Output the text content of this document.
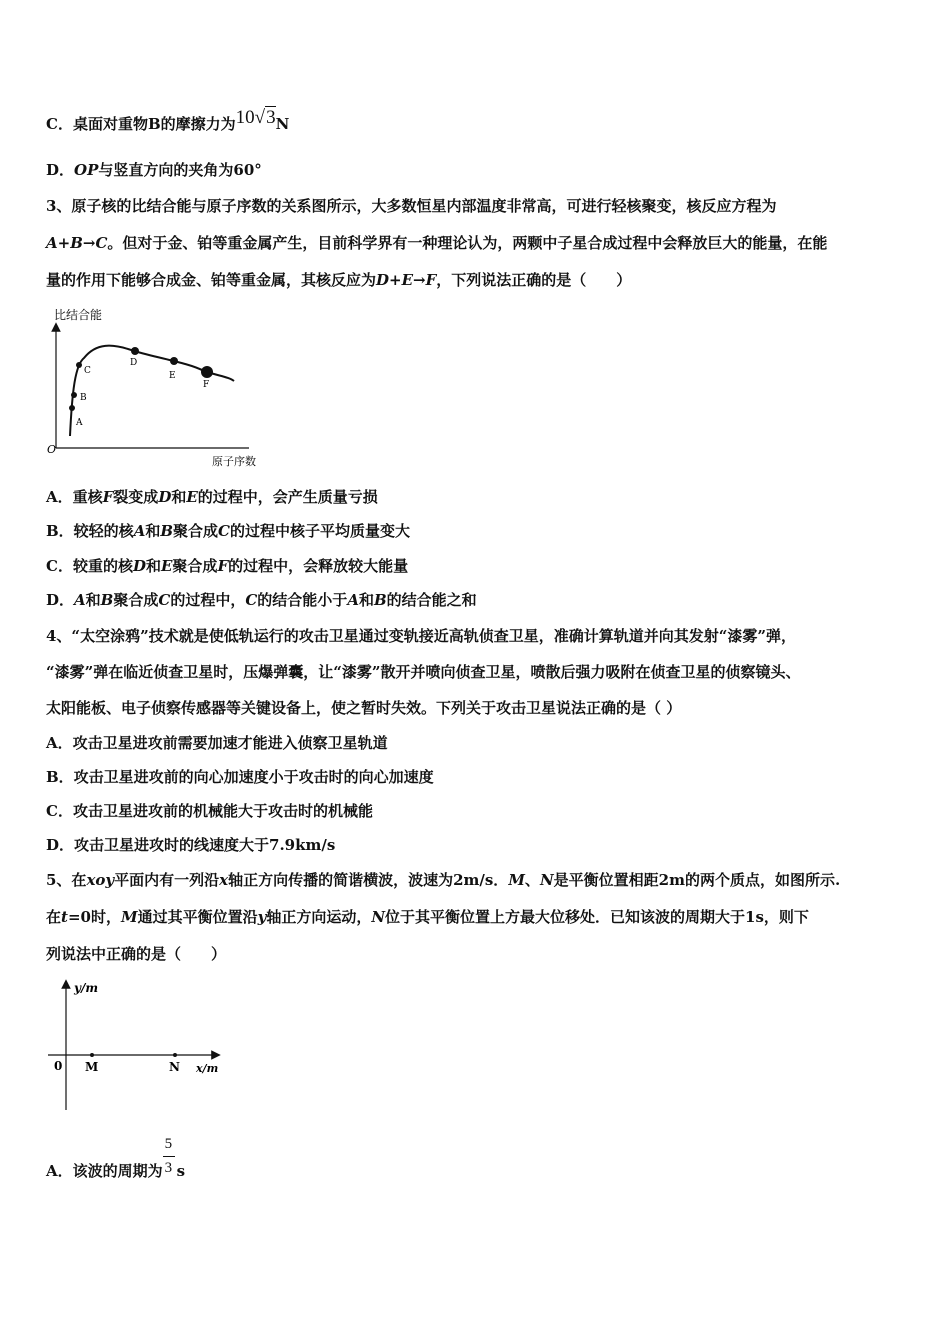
C．桌面对重物B的摩擦力为10√3N
D．OP与竖直方向的夹角为60°
3、原子核的比结合能与原子序数的关系图所示，大多数恒星内部温度非常高，可进行轻核聚变，核反应方程为
A+B→C。但对于金、铂等重金属产生，目前科学界有一种理论认为，两颗中子星合成过程中会释放巨大的能量，在能
量的作用下能够合成金、铂等重金属，其核反应为D+E→F，下列说法正确的是（　　）
比结合能
O
原子序数
A
B
C
D
E
F
A．重核F裂变成D和E的过程中，会产生质量亏损
B．较轻的核A和B聚合成C的过程中核子平均质量变大
C．较重的核D和E聚合成F的过程中，会释放较大能量
D．A和B聚合成C的过程中，C的结合能小于A和B的结合能之和
4、“太空涂鸦”技术就是使低轨运行的攻击卫星通过变轨接近高轨侦查卫星，准确计算轨道并向其发射“漆雾”弹，
“漆雾”弹在临近侦查卫星时，压爆弹囊，让“漆雾”散开并喷向侦查卫星，喷散后强力吸附在侦查卫星的侦察镜头、
太阳能板、电子侦察传感器等关键设备上，使之暂时失效。下列关于攻击卫星说法正确的是（ ）
A．攻击卫星进攻前需要加速才能进入侦察卫星轨道
B．攻击卫星进攻前的向心加速度小于攻击时的向心加速度
C．攻击卫星进攻前的机械能大于攻击时的机械能
D．攻击卫星进攻时的线速度大于7.9km/s
5、在xoy平面内有一列沿x轴正方向传播的简谐横波，波速为2m/s．M、N是平衡位置相距2m的两个质点，如图所示.
在t=0时，M通过其平衡位置沿y轴正方向运动，N位于其平衡位置上方最大位移处．已知该波的周期大于1s，则下
列说法中正确的是（　　）
y/m
0 M	N x/m
A．该波的周期为 $\frac{5}{3}$ s
